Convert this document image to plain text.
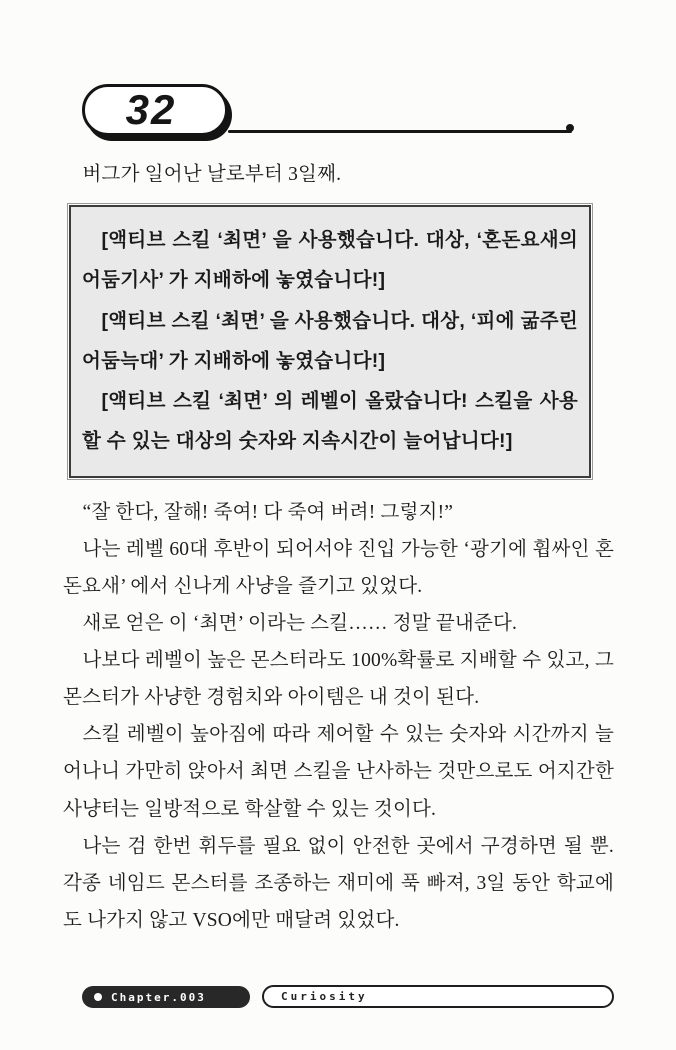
32

버그가 일어난 날로부터 3일째.

[액티브 스킬 ‘최면’ 을 사용했습니다. 대상, ‘혼돈요새의 어둠기사’ 가 지배하에 놓였습니다!]

[액티브 스킬 ‘최면’ 을 사용했습니다. 대상, ‘피에 굶주린 어둠늑대’ 가 지배하에 놓였습니다!]

[액티브 스킬 ‘최면’ 의 레벨이 올랐습니다! 스킬을 사용할 수 있는 대상의 숫자와 지속시간이 늘어납니다!]

“잘 한다, 잘해! 죽여! 다 죽여 버려! 그렇지!”

나는 레벨 60대 후반이 되어서야 진입 가능한 ‘광기에 휩싸인 혼돈요새’ 에서 신나게 사냥을 즐기고 있었다.

새로 얻은 이 ‘최면’ 이라는 스킬…… 정말 끝내준다.

나보다 레벨이 높은 몬스터라도 100%확률로 지배할 수 있고, 그 몬스터가 사냥한 경험치와 아이템은 내 것이 된다.

스킬 레벨이 높아짐에 따라 제어할 수 있는 숫자와 시간까지 늘어나니 가만히 앉아서 최면 스킬을 난사하는 것만으로도 어지간한 사냥터는 일방적으로 학살할 수 있는 것이다.

나는 검 한번 휘두를 필요 없이 안전한 곳에서 구경하면 될 뿐. 각종 네임드 몬스터를 조종하는 재미에 푹 빠져, 3일 동안 학교에도 나가지 않고 VSO에만 매달려 있었다.

Chapter.003	Curiosity
